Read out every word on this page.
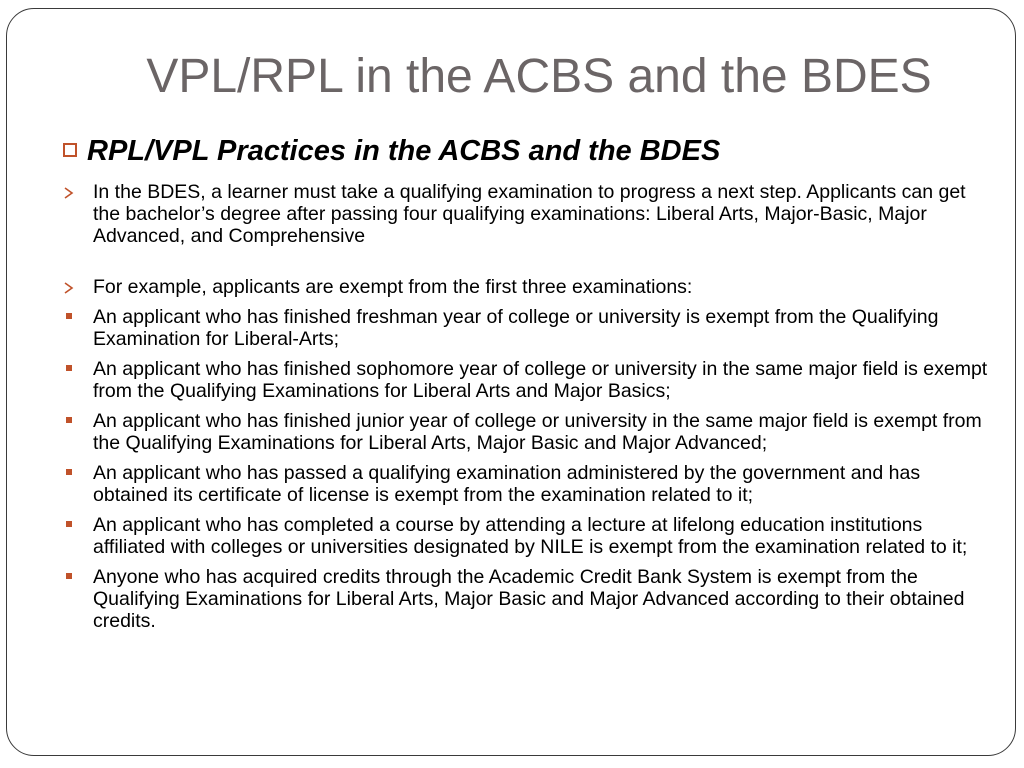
VPL/RPL in the ACBS and the BDES
RPL/VPL Practices in the ACBS and the BDES
In the BDES, a learner must take a qualifying examination to progress a next step. Applicants can get the bachelor’s degree after passing four qualifying examinations: Liberal Arts, Major-Basic, Major Advanced, and Comprehensive
For example, applicants are exempt from the first three examinations:
An applicant who has finished freshman year of college or university is exempt from the Qualifying Examination for Liberal-Arts;
An applicant who has finished sophomore year of college or university in the same major field is exempt from the Qualifying Examinations for Liberal Arts and Major Basics;
An applicant who has finished junior year of college or university in the same major field is exempt from the Qualifying Examinations for Liberal Arts, Major Basic and Major Advanced;
An applicant who has passed a qualifying examination administered by the government and has obtained its certificate of license is exempt from the examination related to it;
An applicant who has completed a course by attending a lecture at lifelong education institutions affiliated with colleges or universities designated by NILE is exempt from the examination related to it;
Anyone who has acquired credits through the Academic Credit Bank System is exempt from the Qualifying Examinations for Liberal Arts, Major Basic and Major Advanced according to their obtained credits.
